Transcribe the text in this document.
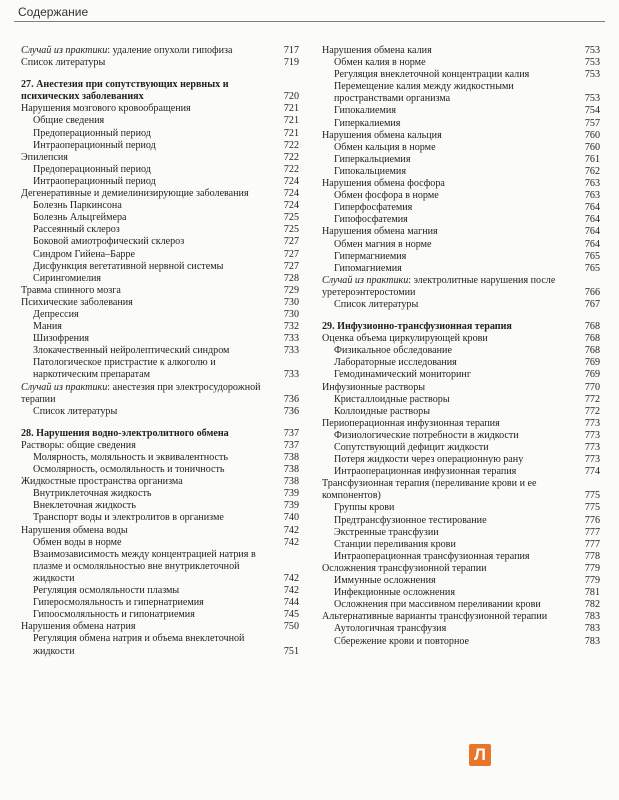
Содержание
Случай из практики: удаление опухоли гипофиза	717
Список литературы	719
27. Анестезия при сопутствующих нервных и психических заболеваниях	720
Нарушения мозгового кровообращения	721
Общие сведения	721
Предоперационный период	721
Интраоперационный период	722
Эпилепсия	722
Предоперационный период	722
Интраоперационный период	724
Дегенеративные и демиелинизирующие заболевания	724
Болезнь Паркинсона	724
Болезнь Альцгеймера	725
Рассеянный склероз	725
Боковой амиотрофический склероз	727
Синдром Гийена–Барре	727
Дисфункция вегетативной нервной системы	727
Сирингомиелия	728
Травма спинного мозга	729
Психические заболевания	730
Депрессия	730
Мания	732
Шизофрения	733
Злокачественный нейролептический синдром	733
Патологическое пристрастие к алкоголю и наркотическим препаратам	733
Случай из практики: анестезия при электросудорожной терапии	736
Список литературы	736
28. Нарушения водно-электролитного обмена	737
Растворы: общие сведения	737
Молярность, моляльность и эквивалентность	738
Осмолярность, осмоляльность и тоничность	738
Жидкостные пространства организма	738
Внутриклеточная жидкость	739
Внеклеточная жидкость	739
Транспорт воды и электролитов в организме	740
Нарушения обмена воды	742
Обмен воды в норме	742
Взаимозависимость между концентрацией натрия в плазме и осмоляльностью вне внутриклеточной жидкости	742
Регуляция осмоляльности плазмы	742
Гиперосмоляльность и гипернатриемия	744
Гипоосмоляльность и гипонатриемия	745
Нарушения обмена натрия	750
Регуляция обмена натрия и объема внеклеточной жидкости	751
Нарушения обмена калия	753
Обмен калия в норме	753
Регуляция внеклеточной концентрации калия	753
Перемещение калия между жидкостными пространствами организма	753
Гипокалиемия	754
Гиперкалиемия	757
Нарушения обмена кальция	760
Обмен кальция в норме	760
Гиперкальциемия	761
Гипокальциемия	762
Нарушения обмена фосфора	763
Обмен фосфора в норме	763
Гиперфосфатемия	764
Гипофосфатемия	764
Нарушения обмена магния	764
Обмен магния в норме	764
Гипермагниемия	765
Гипомагниемия	765
Случай из практики: электролитные нарушения после уретероэнтеростомии	766
Список литературы	767
29. Инфузионно-трансфузионная терапия	768
Оценка объема циркулирующей крови	768
Физикальное обследование	768
Лабораторные исследования	769
Гемодинамический мониторинг	769
Инфузионные растворы	770
Кристаллоидные растворы	772
Коллоидные растворы	772
Периоперационная инфузионная терапия	773
Физиологические потребности в жидкости	773
Сопутствующий дефицит жидкости	773
Потеря жидкости через операционную рану	773
Интраоперационная инфузионная терапия	774
Трансфузионная терапия (переливание крови и ее компонентов)	775
Группы крови	775
Предтрансфузионное тестирование	776
Экстренные трансфузии	777
Станции переливания крови	777
Интраоперационная трансфузионная терапия	778
Осложнения трансфузионной терапии	779
Иммунные осложнения	779
Инфекционные осложнения	781
Осложнения при массивном переливании крови	782
Альтернативные варианты трансфузионной терапии	783
Аутологичная трансфузия	783
Сбережение крови и повторное	783
Л
